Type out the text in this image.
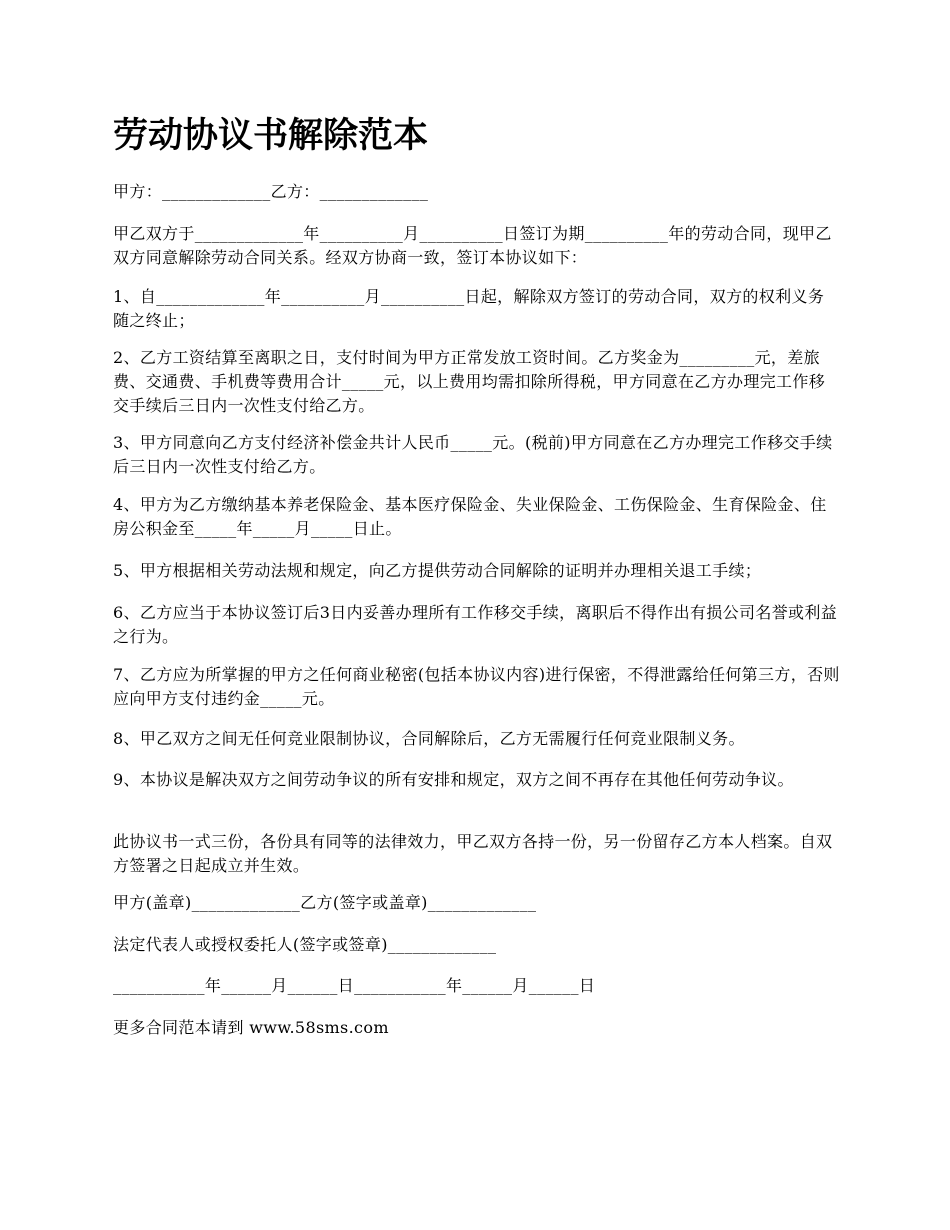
劳动协议书解除范本

甲方：_____________乙方：_____________

甲乙双方于_____________年__________月__________日签订为期__________年的劳动合同，现甲乙双方同意解除劳动合同关系。经双方协商一致，签订本协议如下：

1、自_____________年__________月__________日起，解除双方签订的劳动合同，双方的权利义务随之终止；

2、乙方工资结算至离职之日，支付时间为甲方正常发放工资时间。乙方奖金为_________元，差旅费、交通费、手机费等费用合计_____元，以上费用均需扣除所得税，甲方同意在乙方办理完工作移交手续后三日内一次性支付给乙方。

3、甲方同意向乙方支付经济补偿金共计人民币_____元。(税前)甲方同意在乙方办理完工作移交手续后三日内一次性支付给乙方。

4、甲方为乙方缴纳基本养老保险金、基本医疗保险金、失业保险金、工伤保险金、生育保险金、住房公积金至_____年_____月_____日止。

5、甲方根据相关劳动法规和规定，向乙方提供劳动合同解除的证明并办理相关退工手续；

6、乙方应当于本协议签订后3日内妥善办理所有工作移交手续，离职后不得作出有损公司名誉或利益之行为。

7、乙方应为所掌握的甲方之任何商业秘密(包括本协议内容)进行保密，不得泄露给任何第三方，否则应向甲方支付违约金_____元。

8、甲乙双方之间无任何竞业限制协议，合同解除后，乙方无需履行任何竞业限制义务。

9、本协议是解决双方之间劳动争议的所有安排和规定，双方之间不再存在其他任何劳动争议。

此协议书一式三份，各份具有同等的法律效力，甲乙双方各持一份，另一份留存乙方本人档案。自双方签署之日起成立并生效。

甲方(盖章)_____________乙方(签字或盖章)_____________

法定代表人或授权委托人(签字或签章)_____________

___________年______月______日___________年______月______日

更多合同范本请到 www.58sms.com
